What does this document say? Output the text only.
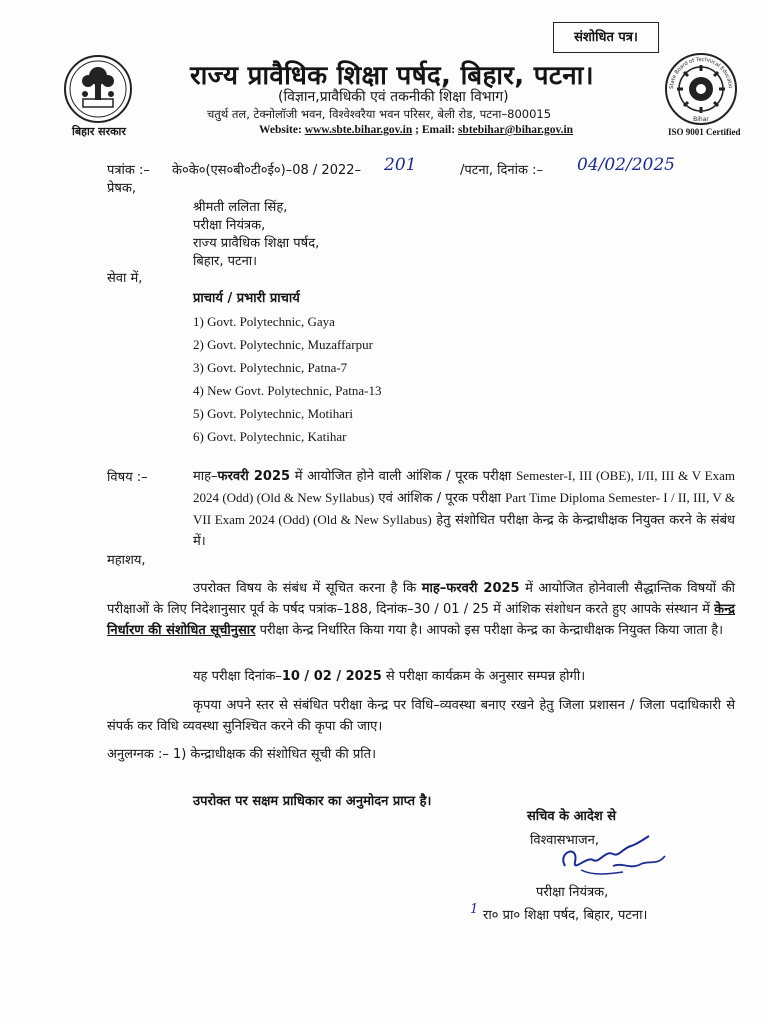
संशोधित पत्र।
बिहार सरकार
राज्य प्रावैधिक शिक्षा पर्षद, बिहार, पटना।
(विज्ञान,प्रावैधिकी एवं तकनीकी शिक्षा विभाग)
चतुर्थ तल, टेक्नोलॉजी भवन, विश्वेश्वरैया भवन परिसर, बेली रोड, पटना–800015
Website: www.sbte.bihar.gov.in ; Email: sbtebihar@bihar.gov.in
State Board of Technical Educatio
Bihar
ISO 9001 Certified
पत्रांक :– के०के०(एस०बी०टी०ई०)–08 / 2022– 201	/पटना, दिनांक :– 04/02/2025
प्रेषक,
श्रीमती ललिता सिंह,
परीक्षा नियंत्रक,
राज्य प्रावैधिक शिक्षा पर्षद,
बिहार, पटना।
सेवा में,
प्राचार्य / प्रभारी प्राचार्य
1) Govt. Polytechnic, Gaya
2) Govt. Polytechnic, Muzaffarpur
3) Govt. Polytechnic, Patna-7
4) New Govt. Polytechnic, Patna-13
5) Govt. Polytechnic, Motihari
6) Govt. Polytechnic, Katihar
विषय :–	माह–फरवरी 2025 में आयोजित होने वाली आंशिक / पूरक परीक्षा Semester-I, III (OBE), I/II, III & V Exam 2024 (Odd) (Old & New Syllabus) एवं आंशिक / पूरक परीक्षा Part Time Diploma Semester- I / II, III, V & VII Exam 2024 (Odd) (Old & New Syllabus) हेतु संशोधित परीक्षा केन्द्र के केन्द्राधीक्षक नियुक्त करने के संबंध में।
महाशय,
उपरोक्त विषय के संबंध में सूचित करना है कि माह–फरवरी 2025 में आयोजित होनेवाली सैद्धान्तिक विषयों की परीक्षाओं के लिए निदेशानुसार पूर्व के पर्षद पत्रांक–188, दिनांक–30 / 01 / 25 में आंशिक संशोधन करते हुए आपके संस्थान में केन्द्र निर्धारण की संशोधित सूचीनुसार परीक्षा केन्द्र निर्धारित किया गया है। आपको इस परीक्षा केन्द्र का केन्द्राधीक्षक नियुक्त किया जाता है।
यह परीक्षा दिनांक–10 / 02 / 2025 से परीक्षा कार्यक्रम के अनुसार सम्पन्न होगी।
कृपया अपने स्तर से संबंधित परीक्षा केन्द्र पर विधि–व्यवस्था बनाए रखने हेतु जिला प्रशासन / जिला पदाधिकारी से संपर्क कर विधि व्यवस्था सुनिश्चित करने की कृपा की जाए।
अनुलग्नक :– 1) केन्द्राधीक्षक की संशोधित सूची की प्रति।
उपरोक्त पर सक्षम प्राधिकार का अनुमोदन प्राप्त है।
सचिव के आदेश से
विश्वासभाजन,
परीक्षा नियंत्रक,
1 रा० प्रा० शिक्षा पर्षद, बिहार, पटना।
